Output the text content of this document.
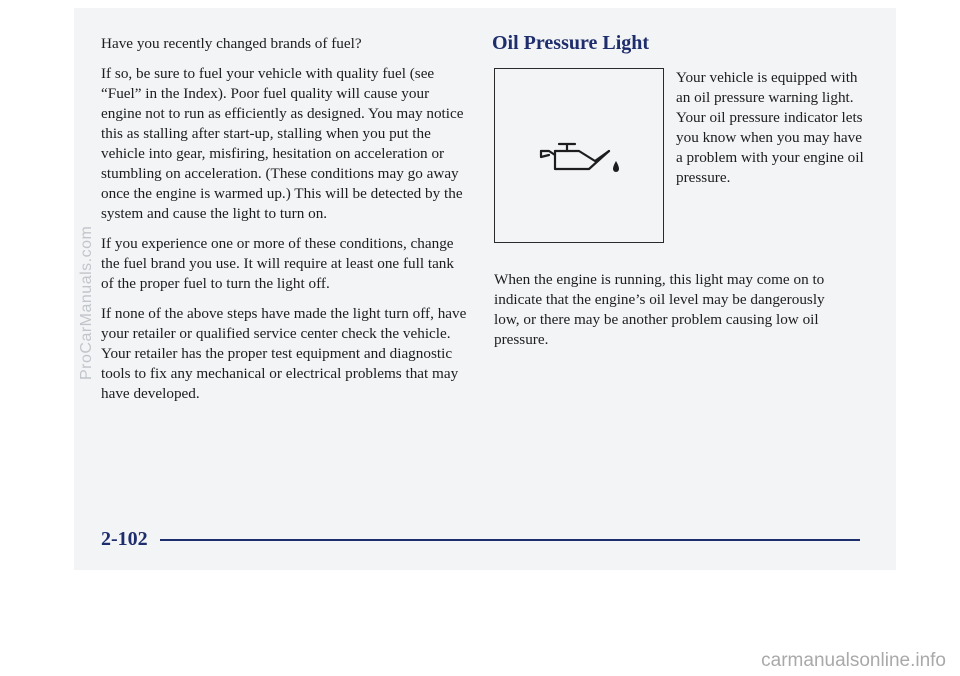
Have you recently changed brands of fuel?

If so, be sure to fuel your vehicle with quality fuel (see “Fuel” in the Index). Poor fuel quality will cause your engine not to run as efficiently as designed. You may notice this as stalling after start-up, stalling when you put the vehicle into gear, misfiring, hesitation on acceleration or stumbling on acceleration. (These conditions may go away once the engine is warmed up.) This will be detected by the system and cause the light to turn on.

If you experience one or more of these conditions, change the fuel brand you use. It will require at least one full tank of the proper fuel to turn the light off.

If none of the above steps have made the light turn off, have your retailer or qualified service center check the vehicle. Your retailer has the proper test equipment and diagnostic tools to fix any mechanical or electrical problems that may have developed.

Oil Pressure Light

Your vehicle is equipped with an oil pressure warning light. Your oil pressure indicator lets you know when you may have a problem with your engine oil pressure.

When the engine is running, this light may come on to indicate that the engine’s oil level may be dangerously low, or there may be another problem causing low oil pressure.

2-102
ProCarManuals.com
carmanualsonline.info
